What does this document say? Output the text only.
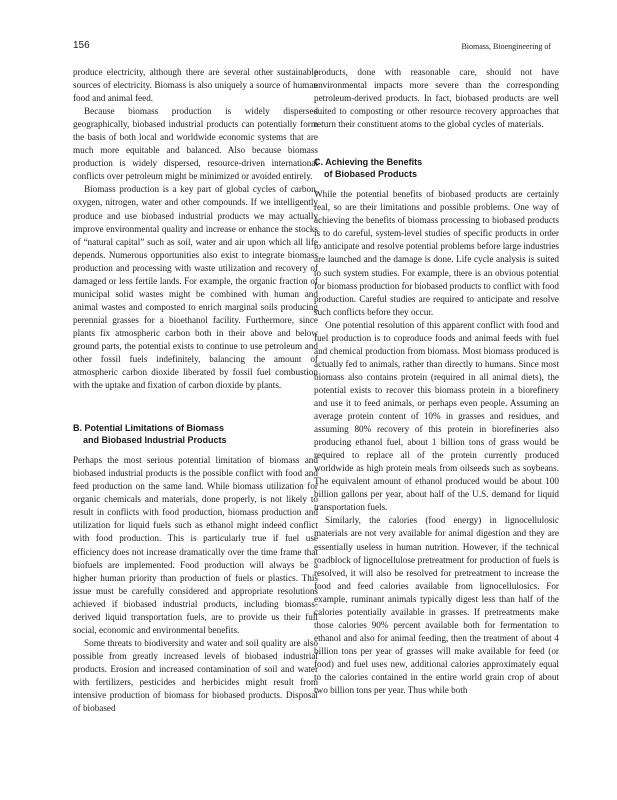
156	Biomass, Bioengineering of

produce electricity, although there are several other sustainable sources of electricity. Biomass is also uniquely a source of human food and animal feed.

Because biomass production is widely dispersed geographically, biobased industrial products can potentially form the basis of both local and worldwide economic systems that are much more equitable and balanced. Also because biomass production is widely dispersed, resource-driven international conflicts over petroleum might be minimized or avoided entirely.

Biomass production is a key part of global cycles of carbon, oxygen, nitrogen, water and other compounds. If we intelligently produce and use biobased industrial products we may actually improve environmental quality and increase or enhance the stocks of “natural capital” such as soil, water and air upon which all life depends. Numerous opportunities also exist to integrate biomass production and processing with waste utilization and recovery of damaged or less fertile lands. For example, the organic fraction of municipal solid wastes might be combined with human and animal wastes and composted to enrich marginal soils producing perennial grasses for a bioethanol facility. Furthermore, since plants fix atmospheric carbon both in their above and below ground parts, the potential exists to continue to use petroleum and other fossil fuels indefinitely, balancing the amount of atmospheric carbon dioxide liberated by fossil fuel combustion with the uptake and fixation of carbon dioxide by plants.

B. Potential Limitations of Biomass
and Biobased Industrial Products

Perhaps the most serious potential limitation of biomass and biobased industrial products is the possible conflict with food and feed production on the same land. While biomass utilization for organic chemicals and materials, done properly, is not likely to result in conflicts with food production, biomass production and utilization for liquid fuels such as ethanol might indeed conflict with food production. This is particularly true if fuel use efficiency does not increase dramatically over the time frame that biofuels are implemented. Food production will always be a higher human priority than production of fuels or plastics. This issue must be carefully considered and appropriate resolutions achieved if biobased industrial products, including biomass-derived liquid transportation fuels, are to provide us their full social, economic and environmental benefits.

Some threats to biodiversity and water and soil quality are also possible from greatly increased levels of biobased industrial products. Erosion and increased contamination of soil and water with fertilizers, pesticides and herbicides might result from intensive production of biomass for biobased products. Disposal of biobased

products, done with reasonable care, should not have environmental impacts more severe than the corresponding petroleum-derived products. In fact, biobased products are well suited to composting or other resource recovery approaches that return their constituent atoms to the global cycles of materials.

C. Achieving the Benefits
of Biobased Products

While the potential benefits of biobased products are certainly real, so are their limitations and possible problems. One way of achieving the benefits of biomass processing to biobased products is to do careful, system-level studies of specific products in order to anticipate and resolve potential problems before large industries are launched and the damage is done. Life cycle analysis is suited to such system studies. For example, there is an obvious potential for biomass production for biobased products to conflict with food production. Careful studies are required to anticipate and resolve such conflicts before they occur.

One potential resolution of this apparent conflict with food and fuel production is to coproduce foods and animal feeds with fuel and chemical production from biomass. Most biomass produced is actually fed to animals, rather than directly to humans. Since most biomass also contains protein (required in all animal diets), the potential exists to recover this biomass protein in a biorefinery and use it to feed animals, or perhaps even people. Assuming an average protein content of 10% in grasses and residues, and assuming 80% recovery of this protein in biorefineries also producing ethanol fuel, about 1 billion tons of grass would be required to replace all of the protein currently produced worldwide as high protein meals from oilseeds such as soybeans. The equivalent amount of ethanol produced would be about 100 billion gallons per year, about half of the U.S. demand for liquid transportation fuels.

Similarly, the calories (food energy) in lignocellulosic materials are not very available for animal digestion and they are essentially useless in human nutrition. However, if the technical roadblock of lignocellulose pretreatment for production of fuels is resolved, it will also be resolved for pretreatment to increase the food and feed calories available from lignocellulosics. For example, ruminant animals typically digest less than half of the calories potentially available in grasses. If pretreatments make those calories 90% percent available both for fermentation to ethanol and also for animal feeding, then the treatment of about 4 billion tons per year of grasses will make available for feed (or food) and fuel uses new, additional calories approximately equal to the calories contained in the entire world grain crop of about two billion tons per year. Thus while both
